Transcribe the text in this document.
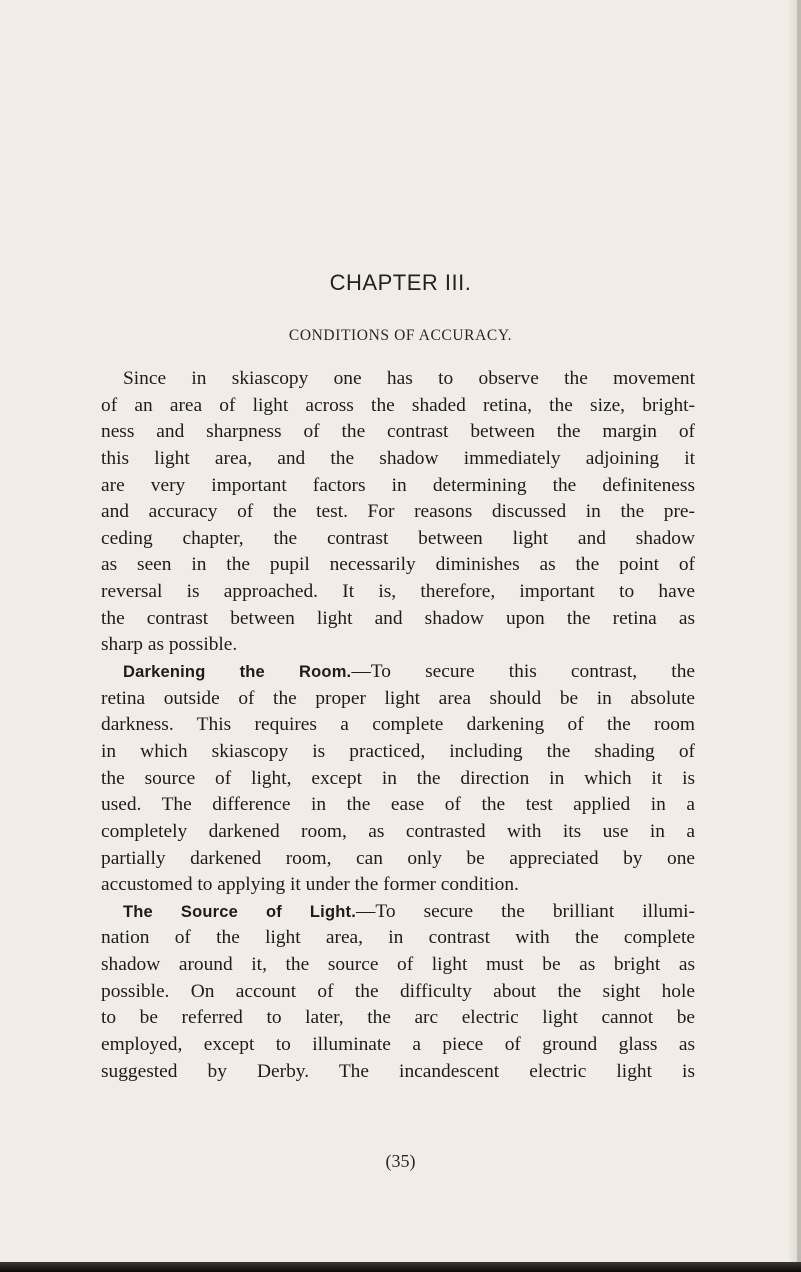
CHAPTER III.
CONDITIONS OF ACCURACY.
Since in skiascopy one has to observe the movement
of an area of light across the shaded retina, the size, bright-
ness and sharpness of the contrast between the margin of
this light area, and the shadow immediately adjoining it
are very important factors in determining the definiteness
and accuracy of the test. For reasons discussed in the pre-
ceding chapter, the contrast between light and shadow
as seen in the pupil necessarily diminishes as the point of
reversal is approached. It is, therefore, important to have
the contrast between light and shadow upon the retina as
sharp as possible.
Darkening the Room.—To secure this contrast, the
retina outside of the proper light area should be in absolute
darkness. This requires a complete darkening of the room
in which skiascopy is practiced, including the shading of
the source of light, except in the direction in which it is
used. The difference in the ease of the test applied in a
completely darkened room, as contrasted with its use in a
partially darkened room, can only be appreciated by one
accustomed to applying it under the former condition.
The Source of Light.—To secure the brilliant illumi-
nation of the light area, in contrast with the complete
shadow around it, the source of light must be as bright as
possible. On account of the difficulty about the sight hole
to be referred to later, the arc electric light cannot be
employed, except to illuminate a piece of ground glass as
suggested by Derby. The incandescent electric light is
(35)
